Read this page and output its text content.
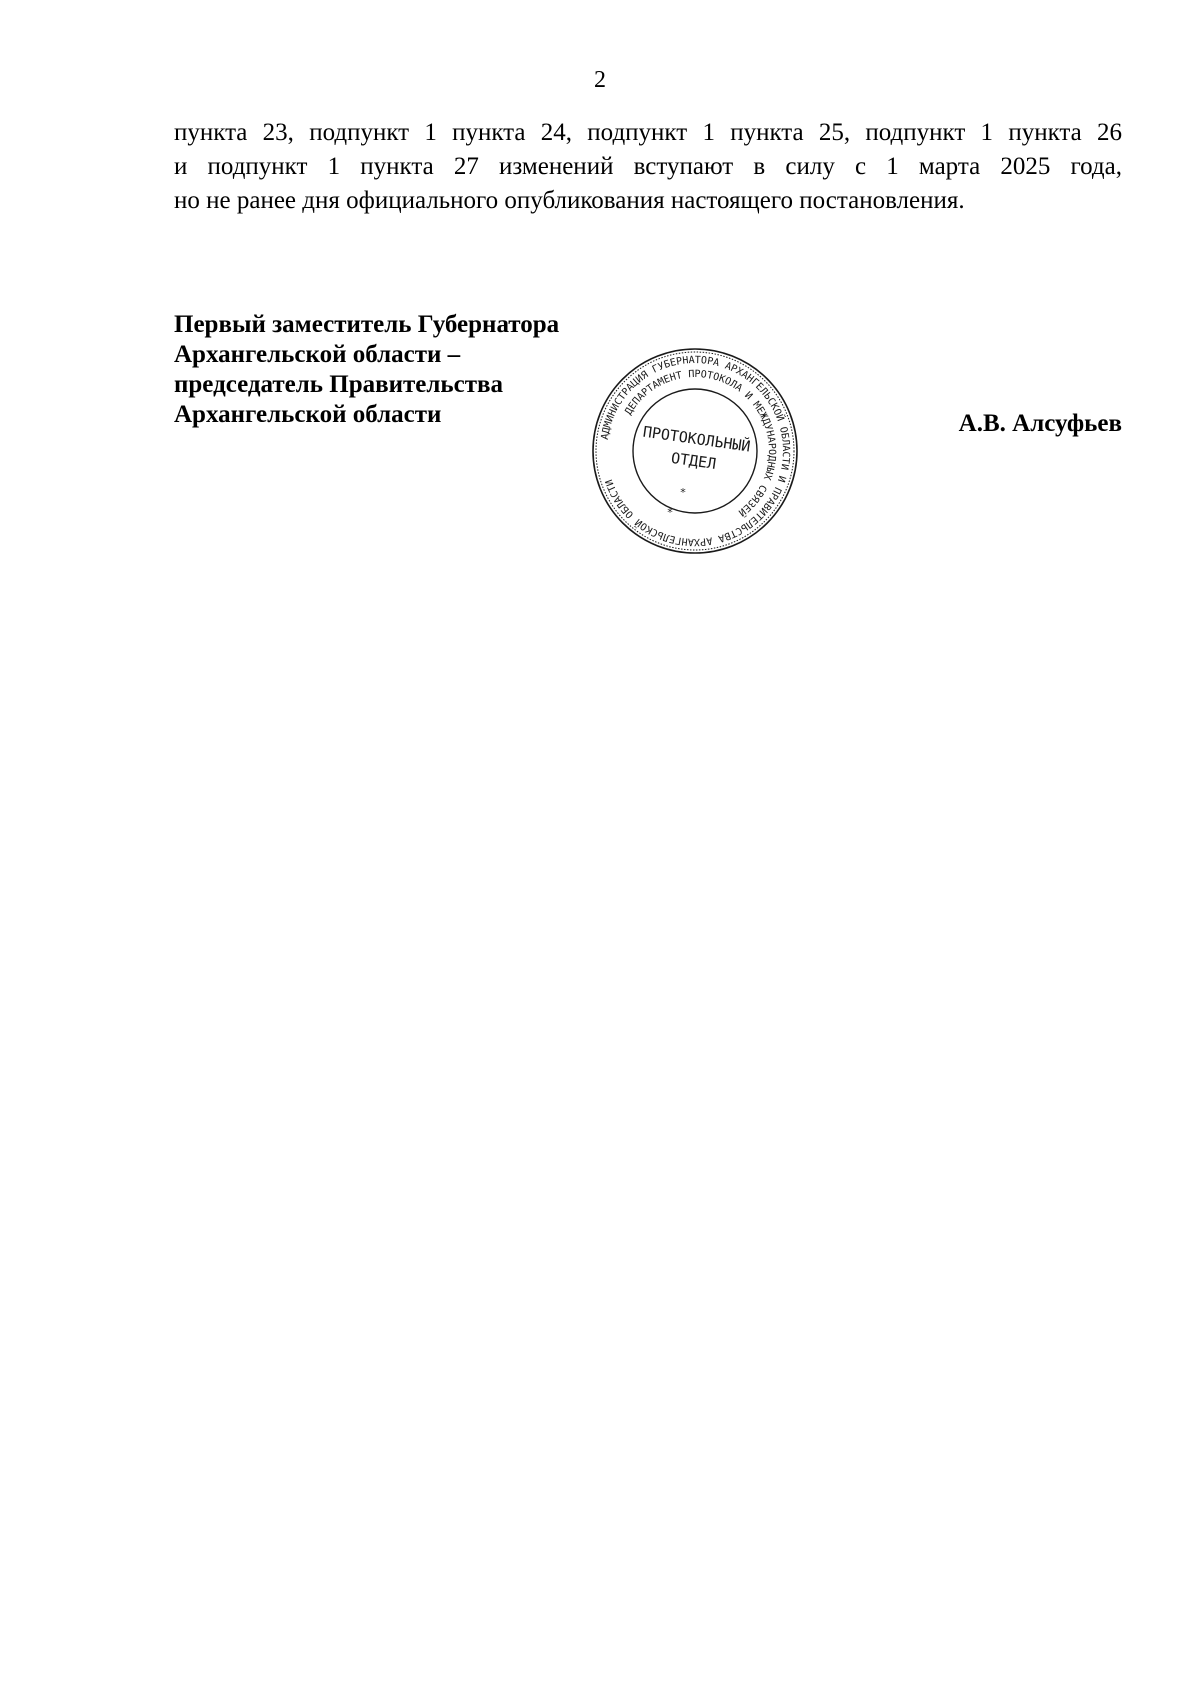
2
пункта 23, подпункт 1 пункта 24, подпункт 1 пункта 25, подпункт 1 пункта 26
и подпункт 1 пункта 27 изменений вступают в силу с 1 марта 2025 года,
но не ранее дня официального опубликования настоящего постановления.
Первый заместитель Губернатора
Архангельской области –
председатель Правительства
Архангельской области	А.В. Алсуфьев
АДМИНИСТРАЦИЯ ГУБЕРНАТОРА АРХАНГЕЛЬСКОЙ ОБЛАСТИ И ПРАВИТЕЛЬСТВА АРХАНГЕЛЬСКОЙ ОБЛАСТИ
ДЕПАРТАМЕНТ ПРОТОКОЛА И МЕЖДУНАРОДНЫХ СВЯЗЕЙ
ПРОТОКОЛЬНЫЙ
ОТДЕЛ
*
*
